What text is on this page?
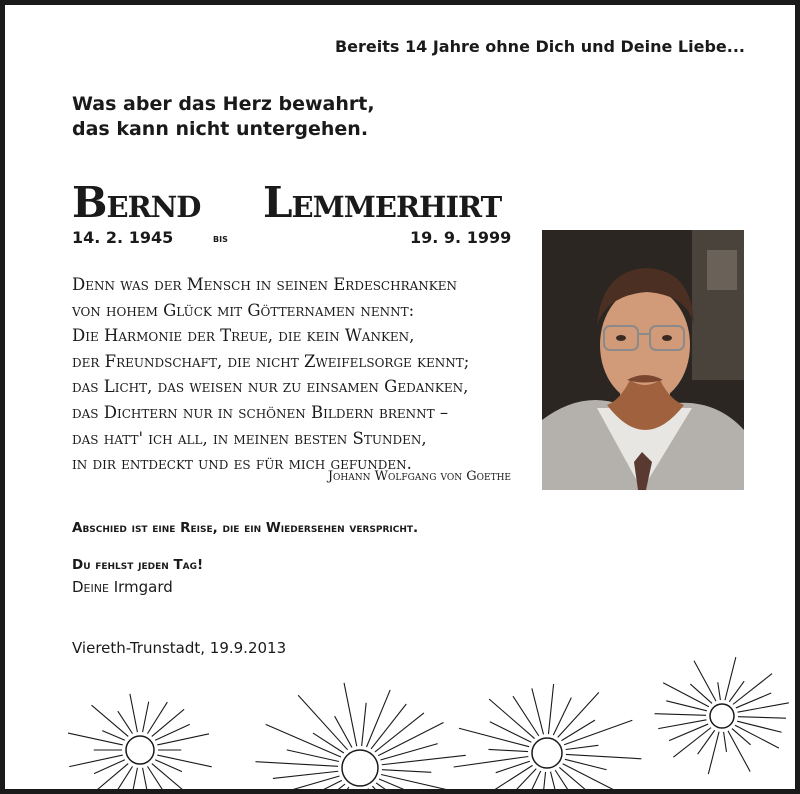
Bereits 14 Jahre ohne Dich und Deine Liebe...
Was aber das Herz bewahrt,
das kann nicht untergehen.
Bernd Lemmerhirt
14. 2. 1945	bis	19. 9. 1999
Denn was der Mensch in seinen Erdeschranken
von hohem Glück mit Götternamen nennt:
Die Harmonie der Treue, die kein Wanken,
der Freundschaft, die nicht Zweifelsorge kennt;
das Licht, das weisen nur zu einsamen Gedanken,
das Dichtern nur in schönen Bildern brennt –
das hatt' ich all, in meinen besten Stunden,
in dir entdeckt und es für mich gefunden.
Johann Wolfgang von Goethe
Abschied ist eine Reise, die ein Wiedersehen verspricht.
Du fehlst jeden Tag!
Deine Irmgard
Viereth-Trunstadt, 19.9.2013
